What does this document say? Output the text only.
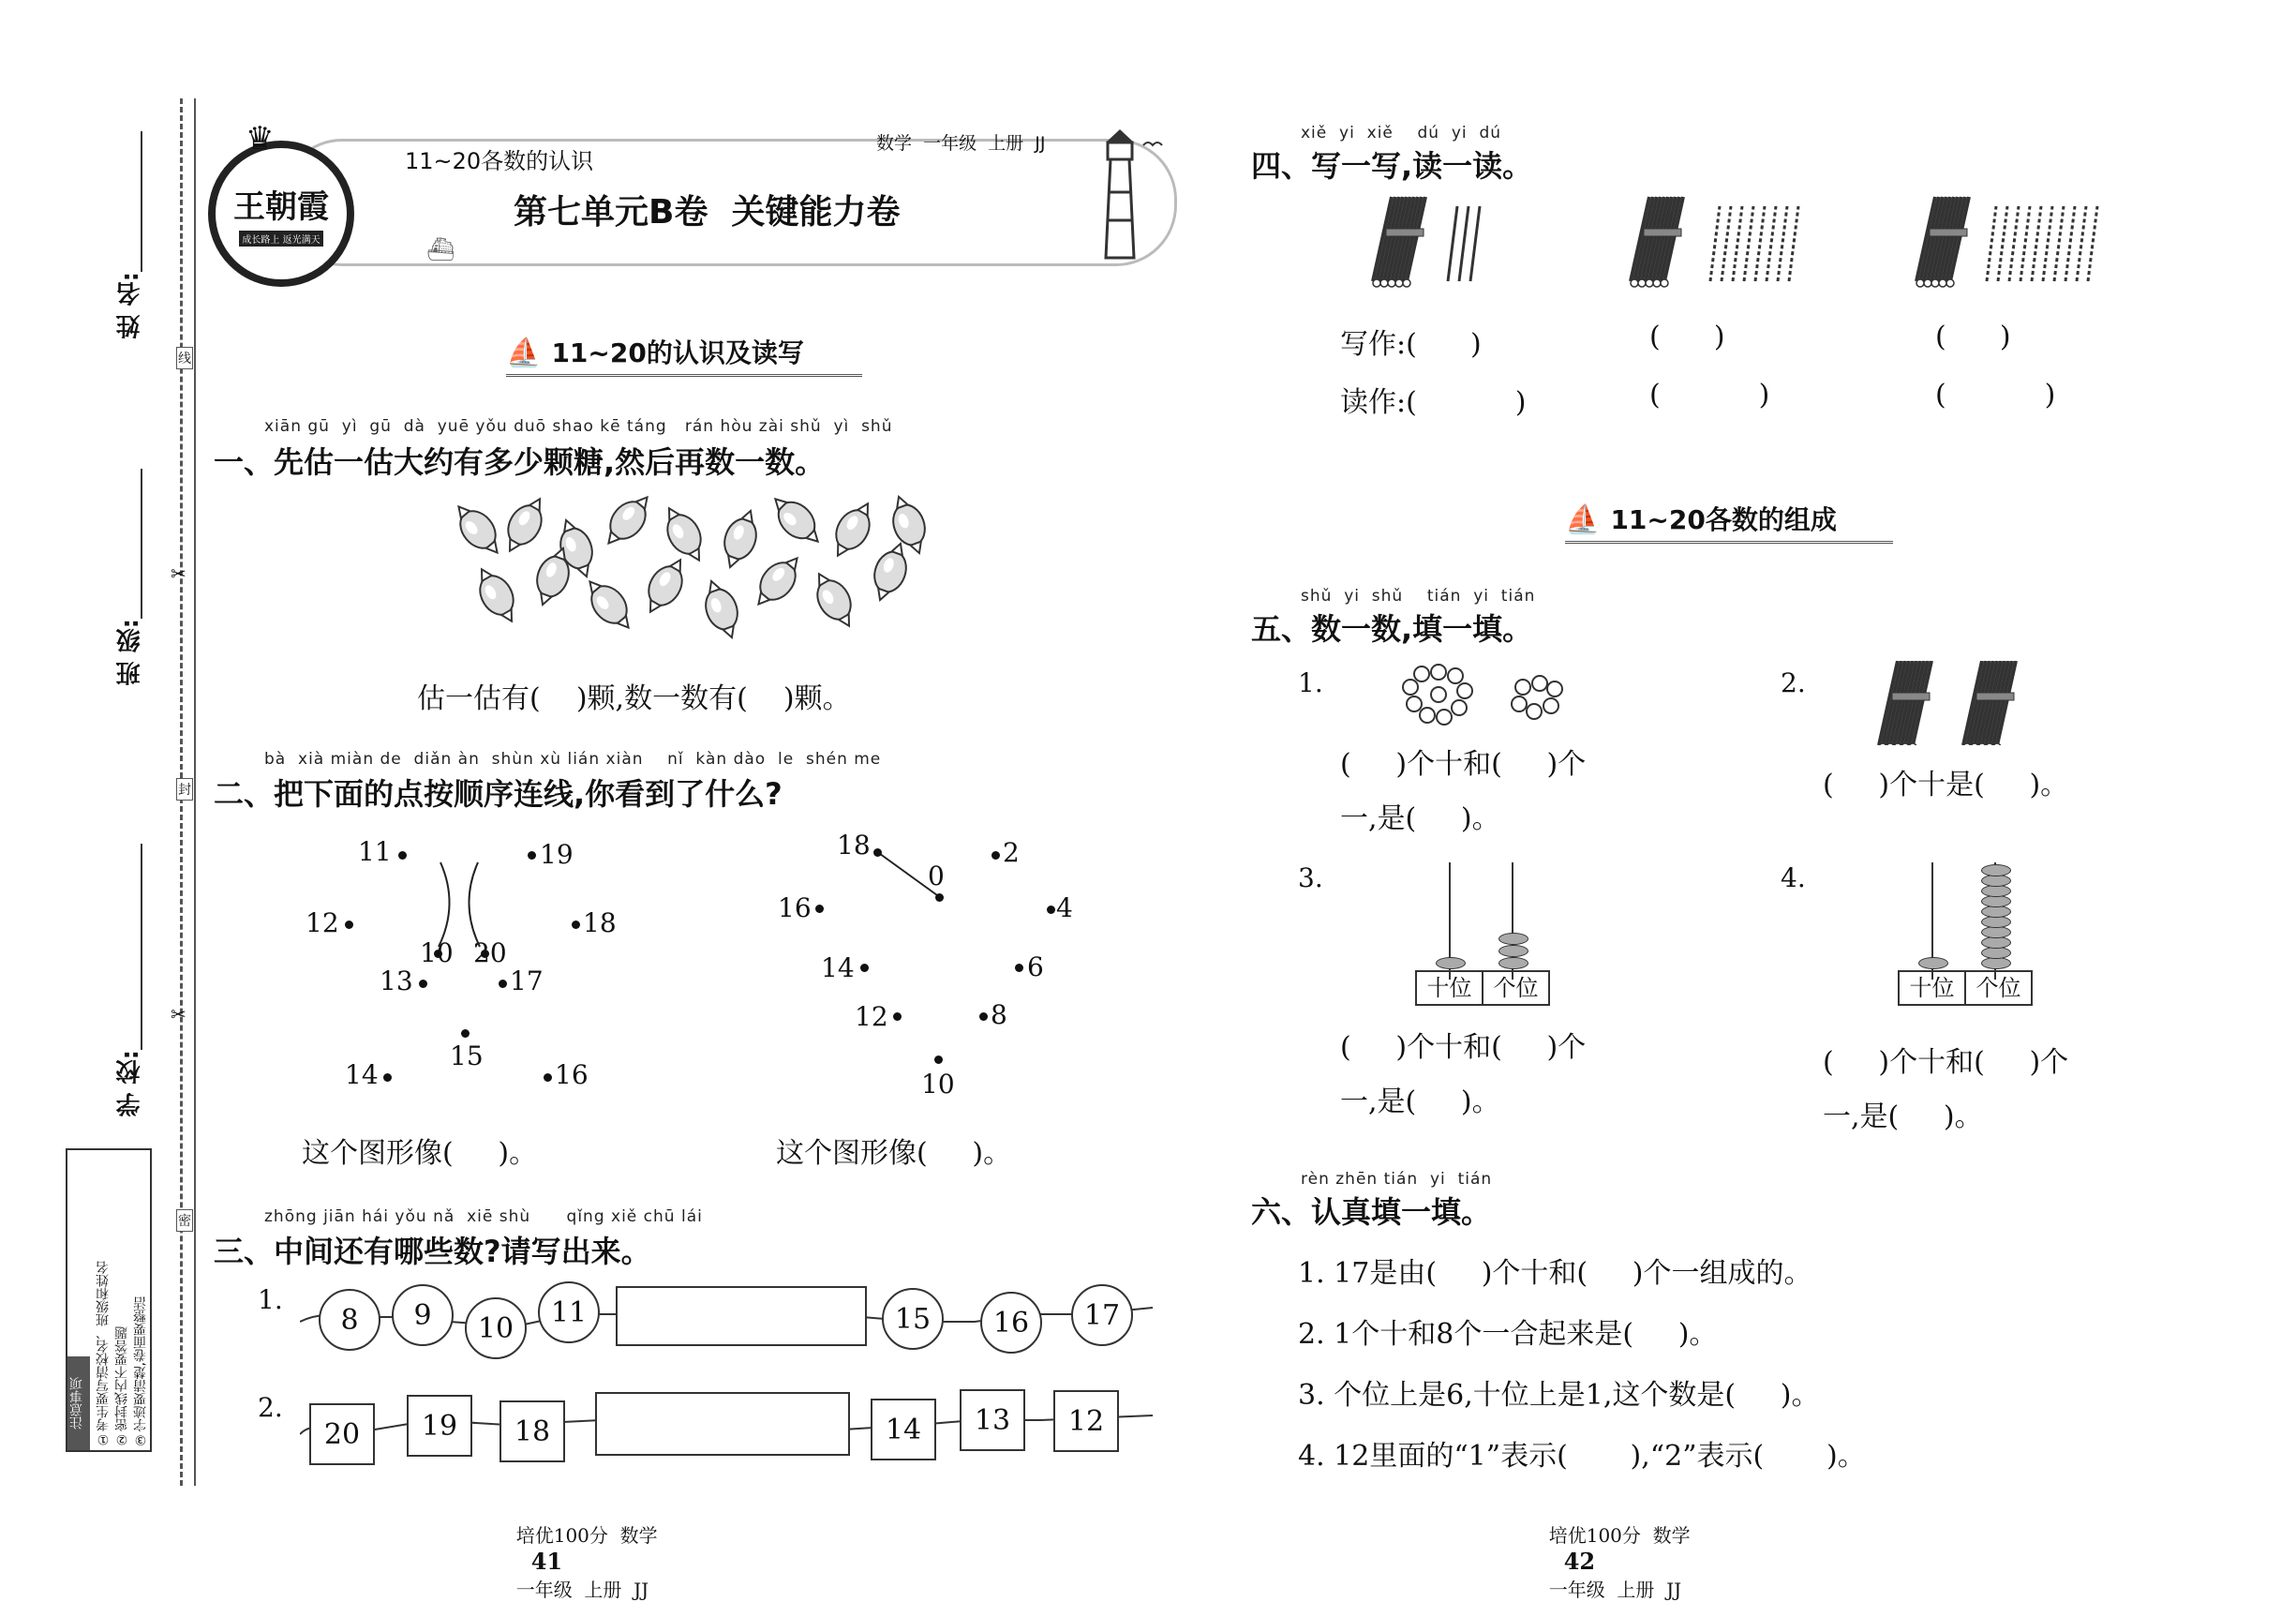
姓 名:
班 级:
学 校:
线
封
密
✂
✂
注意事项 ①考生要写清校名、班级和姓名 ②密封线内不要答题 ③字迹要清楚,卷面要整洁
王朝霞
成长路上 返光满天
♛
11~20各数的认识
数学  一年级  上册  JJ
第七单元B卷  关键能力卷
⛴
⛵ 11~20的认识及读写
xiān gū  yì  gū  dà  yuē yǒu duō shao kē táng   rán hòu zài shǔ  yì  shǔ
一、先估一估大约有多少颗糖,然后再数一数。
估一估有(    )颗,数一数有(    )颗。
bà  xià miàn de  diǎn àn  shùn xù lián xiàn    nǐ  kàn dào  le  shén me
二、把下面的点按顺序连线,你看到了什么?
11	19
12	18
10 20
13	17
15
14	16
18
0
2
16	4
14	6
12	8
10
这个图形像(     )。	这个图形像(     )。
zhōng jiān hái yǒu nǎ  xiē shù      qǐng xiě chū lái
三、中间还有哪些数?请写出来。
1.
8	9	10	11	15	16	17
2.
20	19	18	14	13	12

培优100分  数学
41
一年级  上册  JJ

xiě  yi  xiě    dú  yi  dú
四、写一写,读一读。
写作:(      )	(      )	(      )
读作:(           )	(           )	(           )
⛵ 11~20各数的组成
shǔ  yi  shǔ    tián  yi  tián
五、数一数,填一填。
1.
(     )个十和(     )个
一,是(     )。
2.
(     )个十是(     )。
3.
十位 个位
(     )个十和(     )个
一,是(     )。
4.
十位 个位
(     )个十和(     )个
一,是(     )。
rèn zhēn tián  yi  tián
六、认真填一填。
1. 17是由(     )个十和(     )个一组成的。
2. 1个十和8个一合起来是(     )。
3. 个位上是6,十位上是1,这个数是(     )。
4. 12里面的“1”表示(       ),“2”表示(       )。

培优100分  数学
42
一年级  上册  JJ
